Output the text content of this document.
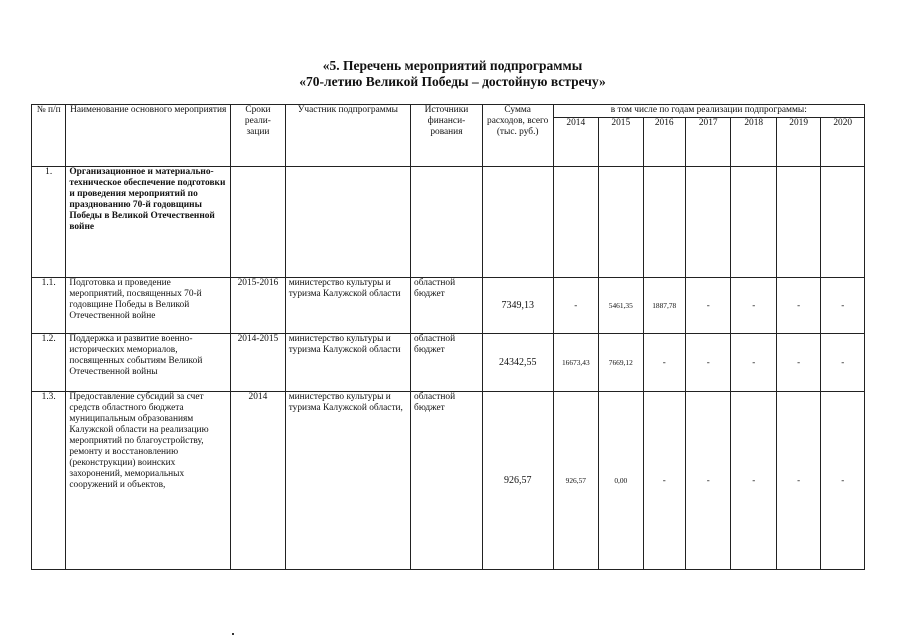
«5. Перечень мероприятий подпрограммы
«70-летию Великой Победы – достойную встречу»
№ п/п	Наименование основного мероприятия	Сроки реали-зации	Участник подпрограммы	Источники финанси-рования	Сумма расходов, всего (тыс. руб.)	в том числе по годам реализации подпрограммы:						
						2014	2015	2016	2017	2018	2019	2020
1.	Организационное и материально-техническое обеспечение подготовки и проведения мероприятий по празднованию 70-й годовщины Победы в Великой Отечественной войне											
1.1.	Подготовка и проведение мероприятий, посвященных 70-й годовщине Победы в Великой Отечественной войне	2015-2016	министерство культуры и туризма Калужской области	областной бюджет	7349,13	-	5461,35	1887,78	-	-	-	-
1.2.	Поддержка и развитие военно-исторических мемориалов, посвященных событиям Великой Отечественной войны	2014-2015	министерство культуры и туризма Калужской области	областной бюджет	24342,55	16673,43	7669,12	-	-	-	-	-
1.3.	Предоставление субсидий за счет средств областного бюджета муниципальным образованиям Калужской области на реализацию мероприятий по благоустройству, ремонту и восстановлению (реконструкции) воинских захоронений, мемориальных сооружений и объектов,	2014	министерство культуры и туризма Калужской области,	областной бюджет	926,57	926,57	0,00	-	-	-	-	-
